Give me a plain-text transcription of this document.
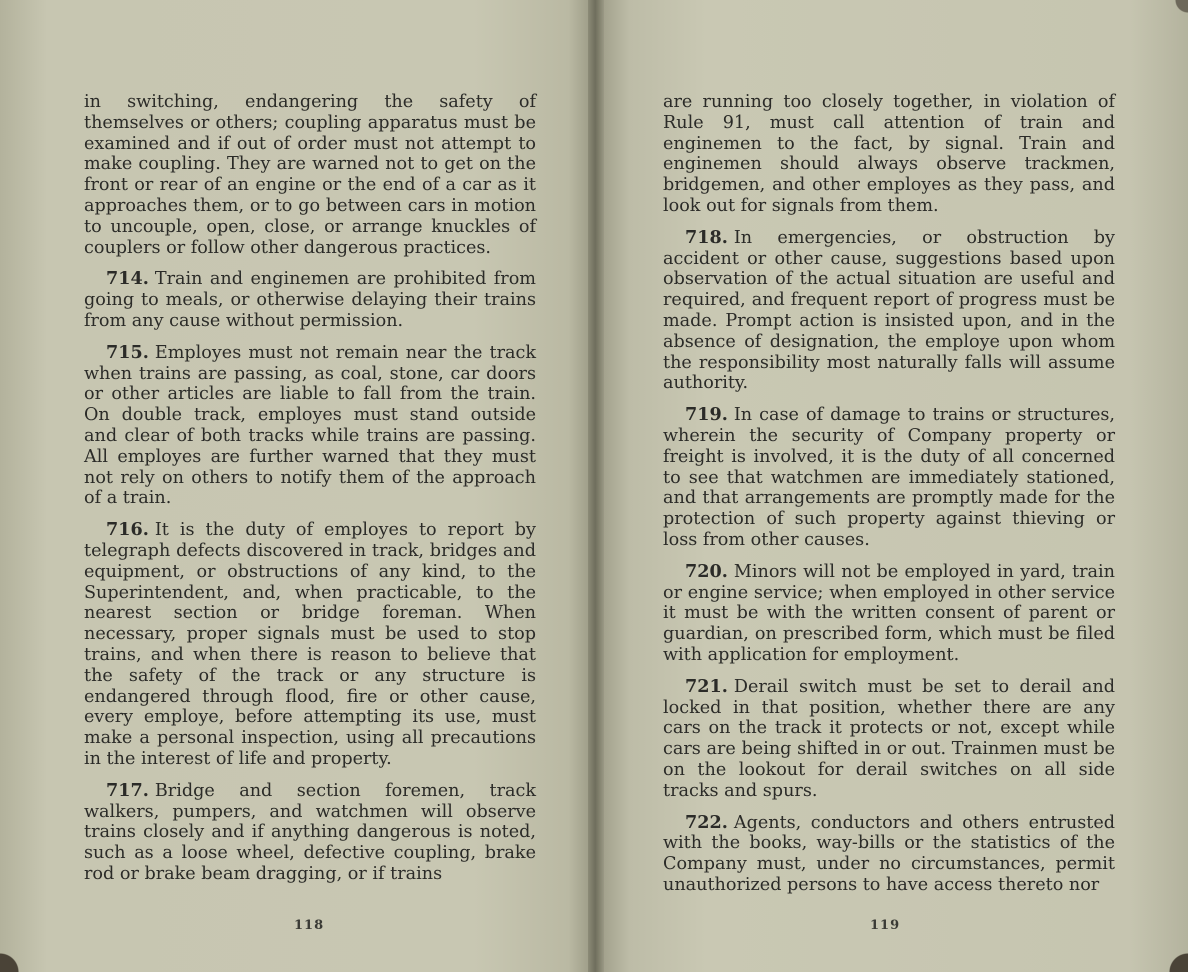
in switching, endangering the safety of themselves or others; coupling apparatus must be examined and if out of order must not attempt to make coupling. They are warned not to get on the front or rear of an engine or the end of a car as it approaches them, or to go between cars in motion to uncouple, open, close, or arrange knuckles of couplers or follow other dangerous practices.

714. Train and enginemen are prohibited from going to meals, or otherwise delaying their trains from any cause without permission.

715. Employes must not remain near the track when trains are passing, as coal, stone, car doors or other articles are liable to fall from the train. On double track, employes must stand outside and clear of both tracks while trains are passing. All employes are further warned that they must not rely on others to notify them of the approach of a train.

716. It is the duty of employes to report by telegraph defects discovered in track, bridges and equipment, or obstructions of any kind, to the Superintendent, and, when practicable, to the nearest section or bridge foreman. When necessary, proper signals must be used to stop trains, and when there is reason to believe that the safety of the track or any structure is endangered through flood, fire or other cause, every employe, before attempting its use, must make a personal inspection, using all precautions in the interest of life and property.

717. Bridge and section foremen, track walkers, pumpers, and watchmen will observe trains closely and if anything dangerous is noted, such as a loose wheel, defective coupling, brake rod or brake beam dragging, or if trains

118

are running too closely together, in violation of Rule 91, must call attention of train and enginemen to the fact, by signal. Train and enginemen should always observe trackmen, bridgemen, and other employes as they pass, and look out for signals from them.

718. In emergencies, or obstruction by accident or other cause, suggestions based upon observation of the actual situation are useful and required, and frequent report of progress must be made. Prompt action is insisted upon, and in the absence of designation, the employe upon whom the responsibility most naturally falls will assume authority.

719. In case of damage to trains or structures, wherein the security of Company property or freight is involved, it is the duty of all concerned to see that watchmen are immediately stationed, and that arrangements are promptly made for the protection of such property against thieving or loss from other causes.

720. Minors will not be employed in yard, train or engine service; when employed in other service it must be with the written consent of parent or guardian, on prescribed form, which must be filed with application for employment.

721. Derail switch must be set to derail and locked in that position, whether there are any cars on the track it protects or not, except while cars are being shifted in or out. Trainmen must be on the lookout for derail switches on all side tracks and spurs.

722. Agents, conductors and others entrusted with the books, way-bills or the statistics of the Company must, under no circumstances, permit unauthorized persons to have access thereto nor

119
